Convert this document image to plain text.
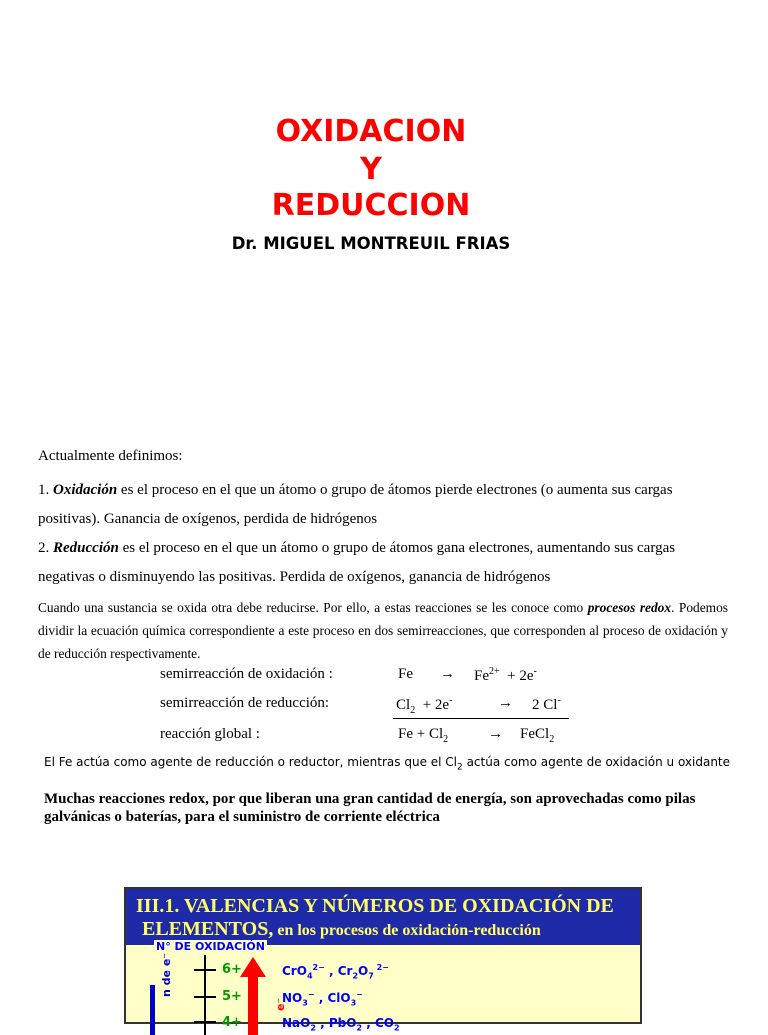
OXIDACION
Y
REDUCCION
Dr. MIGUEL MONTREUIL FRIAS
Actualmente definimos:
1. Oxidación es el proceso en el que un átomo o grupo de átomos pierde electrones (o aumenta sus cargas positivas). Ganancia de oxígenos, perdida de hidrógenos
2. Reducción es el proceso en el que un átomo o grupo de átomos gana electrones, aumentando sus cargas negativas o disminuyendo las positivas. Perdida de oxígenos, ganancia de hidrógenos
Cuando una sustancia se oxida otra debe reducirse. Por ello, a estas reacciones se les conoce como procesos redox. Podemos dividir la ecuación química correspondiente a este proceso en dos semirreacciones, que corresponden al proceso de oxidación y de reducción respectivamente.
semirreacción de oxidación :	$Fe \to Fe^{2+} + 2e^-$
semirreacción de reducción:	$Cl_2 + 2e^-$	→ 2 Cl-
reacción global :	$Fe + Cl_2$	→ FeCl$_2$
El Fe actúa como agente de reducción o reductor, mientras que el $Cl_2$ actúa como agente de oxidación u oxidante
Muchas reacciones redox, por que liberan una gran cantidad de energía, son aprovechadas como pilas galvánicas o baterías, para el suministro de corriente eléctrica
III.1. VALENCIAS Y NÚMEROS DE OXIDACIÓN DE
ELEMENTOS, en los procesos de oxidación-reducción
N° DE OXIDACIÓN
6+
5+
4+
n de e⁻
e⁻
CrO$_4^{2-}$ , $Cr_2O_7$ $^{2-}$
$NO_3^-$ , ClO$_3$−
NaO$_2$ , PbO$_2$ , $CO_2$
